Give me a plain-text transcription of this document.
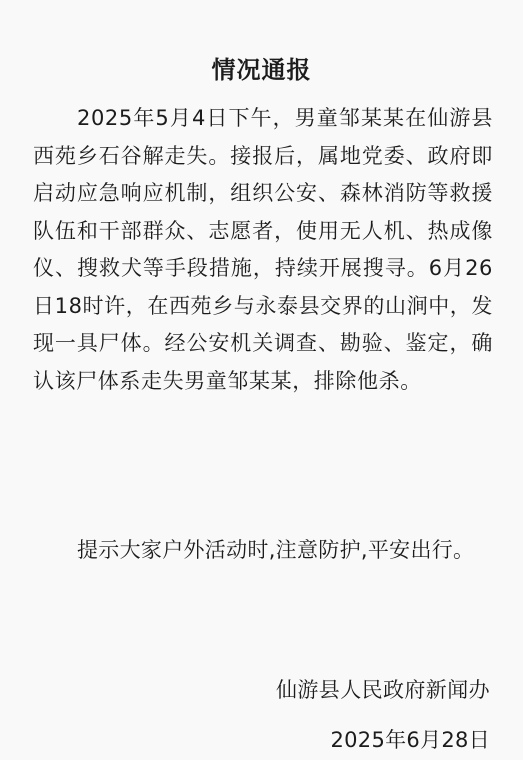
情况通报

2025年5月4日下午，男童邹某某在仙游县西苑乡石谷解走失。接报后，属地党委、政府即启动应急响应机制，组织公安、森林消防等救援队伍和干部群众、志愿者，使用无人机、热成像仪、搜救犬等手段措施，持续开展搜寻。6月26日18时许，在西苑乡与永泰县交界的山涧中，发现一具尸体。经公安机关调查、勘验、鉴定，确认该尸体系走失男童邹某某，排除他杀。

提示大家户外活动时,注意防护,平安出行。

仙游县人民政府新闻办
2025年6月28日
